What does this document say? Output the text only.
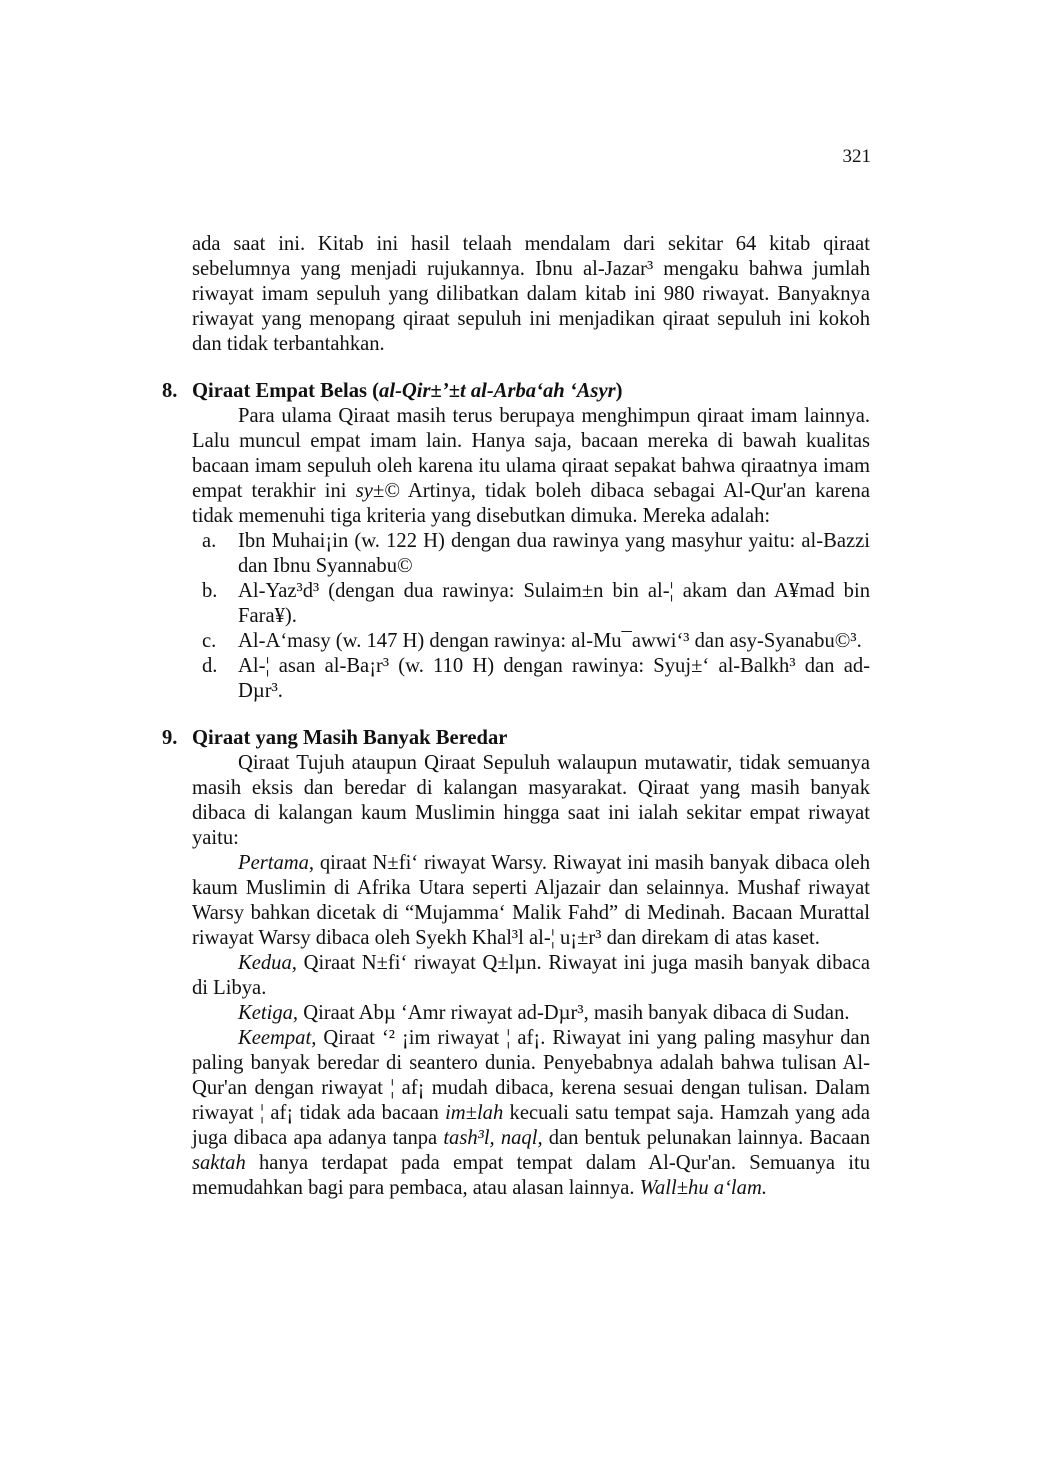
321

ada saat ini. Kitab ini hasil telaah mendalam dari sekitar 64 kitab qiraat sebelumnya yang menjadi rujukannya. Ibnu al-Jazar³ mengaku bahwa jumlah riwayat imam sepuluh yang dilibatkan dalam kitab ini 980 riwayat. Banyaknya riwayat yang menopang qiraat sepuluh ini menjadikan qiraat sepuluh ini kokoh dan tidak terbantahkan.

8. Qiraat Empat Belas (al-Qir±’±t al-Arba‘ah ‘Asyr)

Para ulama Qiraat masih terus berupaya menghimpun qiraat imam lainnya. Lalu muncul empat imam lain. Hanya saja, bacaan mereka di bawah kualitas bacaan imam sepuluh oleh karena itu ulama qiraat sepakat bahwa qiraatnya imam empat terakhir ini sy±© Artinya, tidak boleh dibaca sebagai Al-Qur'an karena tidak memenuhi tiga kriteria yang disebutkan dimuka. Mereka adalah:

a. Ibn Muhai¡in (w. 122 H) dengan dua rawinya yang masyhur yaitu: al-Bazzi dan Ibnu Syannabu©
b. Al-Yaz³d³ (dengan dua rawinya: Sulaim±n bin al-¦ akam dan A¥mad bin Fara¥).
c. Al-A‘masy (w. 147 H) dengan rawinya: al-Mu¯awwi‘³ dan asy-Syanabu©³.
d. Al-¦ asan al-Ba¡r³ (w. 110 H) dengan rawinya: Syuj±‘ al-Balkh³ dan ad-Dµr³.
9. Qiraat yang Masih Banyak Beredar

Qiraat Tujuh ataupun Qiraat Sepuluh walaupun mutawatir, tidak semuanya masih eksis dan beredar di kalangan masyarakat. Qiraat yang masih banyak dibaca di kalangan kaum Muslimin hingga saat ini ialah sekitar empat riwayat yaitu:

Pertama, qiraat N±fi‘ riwayat Warsy. Riwayat ini masih banyak dibaca oleh kaum Muslimin di Afrika Utara seperti Aljazair dan selainnya. Mushaf riwayat Warsy bahkan dicetak di “Mujamma‘ Malik Fahd” di Medinah. Bacaan Murattal riwayat Warsy dibaca oleh Syekh Khal³l al-¦ u¡±r³ dan direkam di atas kaset.

Kedua, Qiraat N±fi‘ riwayat Q±lµn. Riwayat ini juga masih banyak dibaca di Libya.

Ketiga, Qiraat Abµ ‘Amr riwayat ad-Dµr³, masih banyak dibaca di Sudan.

Keempat, Qiraat ‘² ¡im riwayat ¦ af¡. Riwayat ini yang paling masyhur dan paling banyak beredar di seantero dunia. Penyebabnya adalah bahwa tulisan Al-Qur'an dengan riwayat ¦ af¡ mudah dibaca, kerena sesuai dengan tulisan. Dalam riwayat ¦ af¡ tidak ada bacaan im±lah kecuali satu tempat saja. Hamzah yang ada juga dibaca apa adanya tanpa tash³l, naql, dan bentuk pelunakan lainnya. Bacaan saktah hanya terdapat pada empat tempat dalam Al-Qur'an. Semuanya itu memudahkan bagi para pembaca, atau alasan lainnya. Wall±hu a‘lam.
